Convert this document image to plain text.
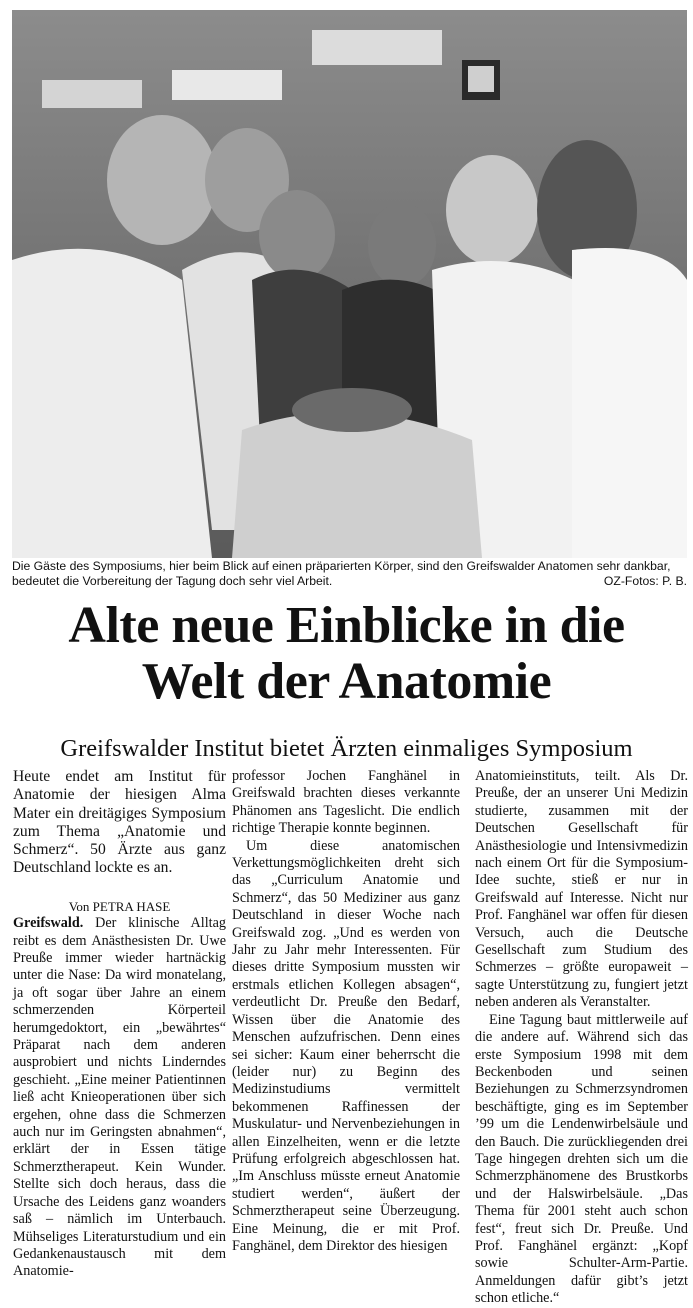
Die Gäste des Symposiums, hier beim Blick auf einen präparierten Körper, sind den Greifswalder Anatomen sehr dankbar, bedeutet die Vorbereitung der Tagung doch sehr viel Arbeit.	OZ-Fotos: P. B.
Alte neue Einblicke in die
Welt der Anatomie
Greifswalder Institut bietet Ärzten einmaliges Symposium

Heute endet am Institut für Anatomie der hiesigen Alma Mater ein dreitägiges Symposium zum Thema „Anatomie und Schmerz“. 50 Ärzte aus ganz Deutschland lockte es an.

Von PETRA HASE

Greifswald. Der klinische Alltag reibt es dem Anästhesisten Dr. Uwe Preuße immer wieder hartnäckig unter die Nase: Da wird monatelang, ja oft sogar über Jahre an einem schmerzenden Körperteil herumgedoktort, ein „bewährtes“ Präparat nach dem anderen ausprobiert und nichts Linderndes geschieht. „Eine meiner Patientinnen ließ acht Knieoperationen über sich ergehen, ohne dass die Schmerzen auch nur im Geringsten abnahmen“, erklärt der in Essen tätige Schmerztherapeut. Kein Wunder. Stellte sich doch heraus, dass die Ursache des Leidens ganz woanders saß – nämlich im Unterbauch. Mühseliges Literaturstudium und ein Gedankenaustausch mit dem Anatomie-

professor Jochen Fanghänel in Greifswald brachten dieses verkannte Phänomen ans Tageslicht. Die endlich richtige Therapie konnte beginnen.

Um diese anatomischen Verkettungsmöglichkeiten dreht sich das „Curriculum Anatomie und Schmerz“, das 50 Mediziner aus ganz Deutschland in dieser Woche nach Greifswald zog. „Und es werden von Jahr zu Jahr mehr Interessenten. Für dieses dritte Symposium mussten wir erstmals etlichen Kollegen absagen“, verdeutlicht Dr. Preuße den Bedarf, Wissen über die Anatomie des Menschen aufzufrischen. Denn eines sei sicher: Kaum einer beherrscht die (leider nur) zu Beginn des Medizinstudiums vermittelt bekommenen Raffinessen der Muskulatur- und Nervenbeziehungen in allen Einzelheiten, wenn er die letzte Prüfung erfolgreich abgeschlossen hat. „Im Anschluss müsste erneut Anatomie studiert werden“, äußert der Schmerztherapeut seine Überzeugung. Eine Meinung, die er mit Prof. Fanghänel, dem Direktor des hiesigen

Anatomieinstituts, teilt. Als Dr. Preuße, der an unserer Uni Medizin studierte, zusammen mit der Deutschen Gesellschaft für Anästhesiologie und Intensivmedizin nach einem Ort für die Symposium-Idee suchte, stieß er nur in Greifswald auf Interesse. Nicht nur Prof. Fanghänel war offen für diesen Versuch, auch die Deutsche Gesellschaft zum Studium des Schmerzes – größte europaweit – sagte Unterstützung zu, fungiert jetzt neben anderen als Veranstalter.

Eine Tagung baut mittlerweile auf die andere auf. Während sich das erste Symposium 1998 mit dem Beckenboden und seinen Beziehungen zu Schmerzsyndromen beschäftigte, ging es im September ’99 um die Lendenwirbelsäule und den Bauch. Die zurückliegenden drei Tage hingegen drehten sich um die Schmerzphänomene des Brustkorbs und der Halswirbelsäule. „Das Thema für 2001 steht auch schon fest“, freut sich Dr. Preuße. Und Prof. Fanghänel ergänzt: „Kopf sowie Schulter-Arm-Partie. Anmeldungen dafür gibt’s jetzt schon etliche.“
